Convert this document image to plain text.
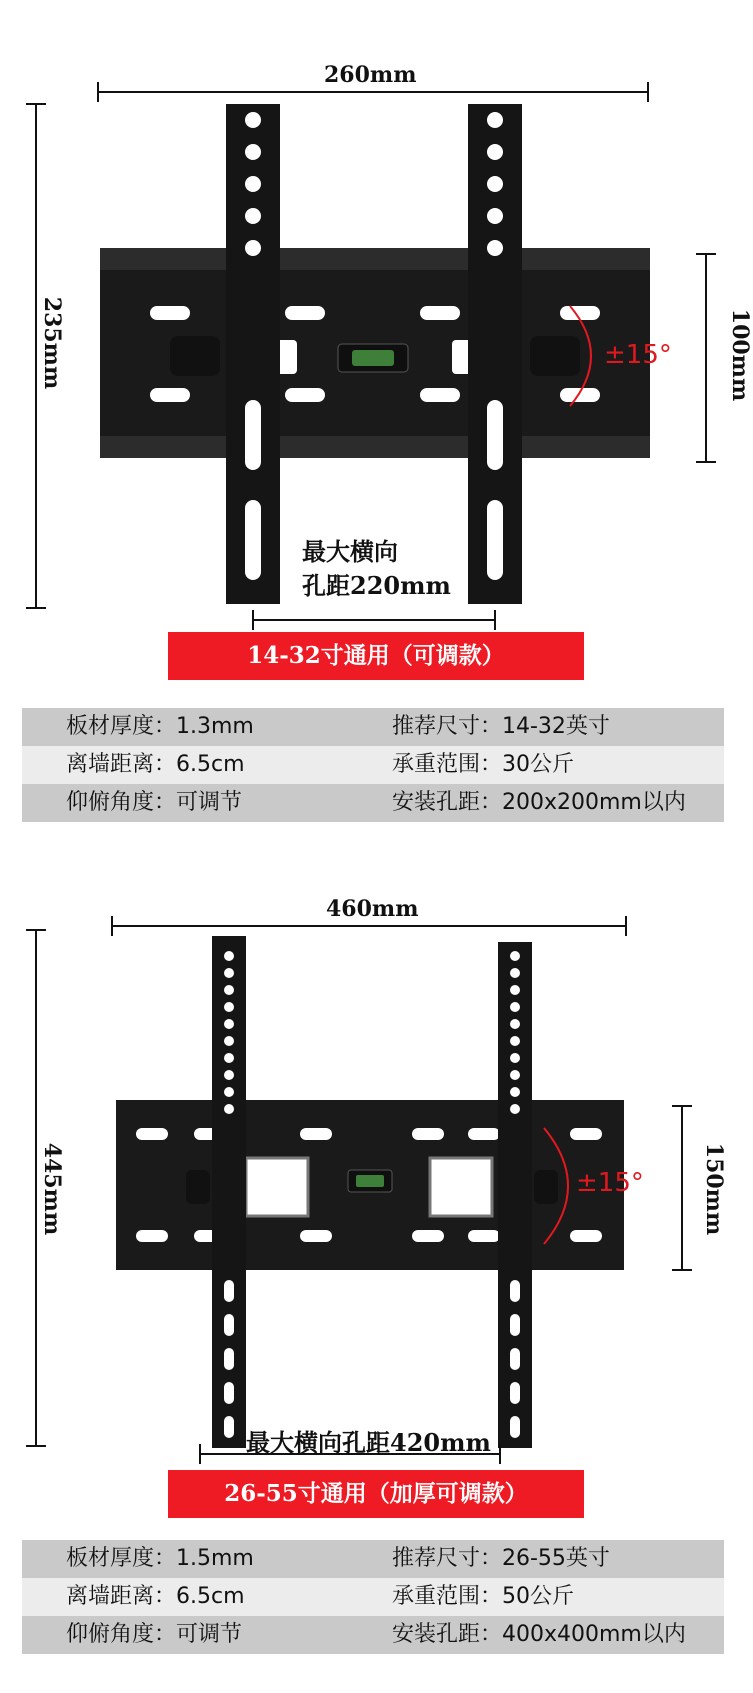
260mm
235mm	100mm
±15°
最大横向
孔距220mm
14-32寸通用（可调款）
板材厚度：1.3mm	推荐尺寸：14-32英寸
离墙距离：6.5cm	承重范围：30公斤
仰俯角度：可调节	安装孔距：200x200mm以内
460mm
445mm	150mm
±15°
最大横向孔距420mm
26-55寸通用（加厚可调款）
板材厚度：1.5mm	推荐尺寸：26-55英寸
离墙距离：6.5cm	承重范围：50公斤
仰俯角度：可调节	安装孔距：400x400mm以内
